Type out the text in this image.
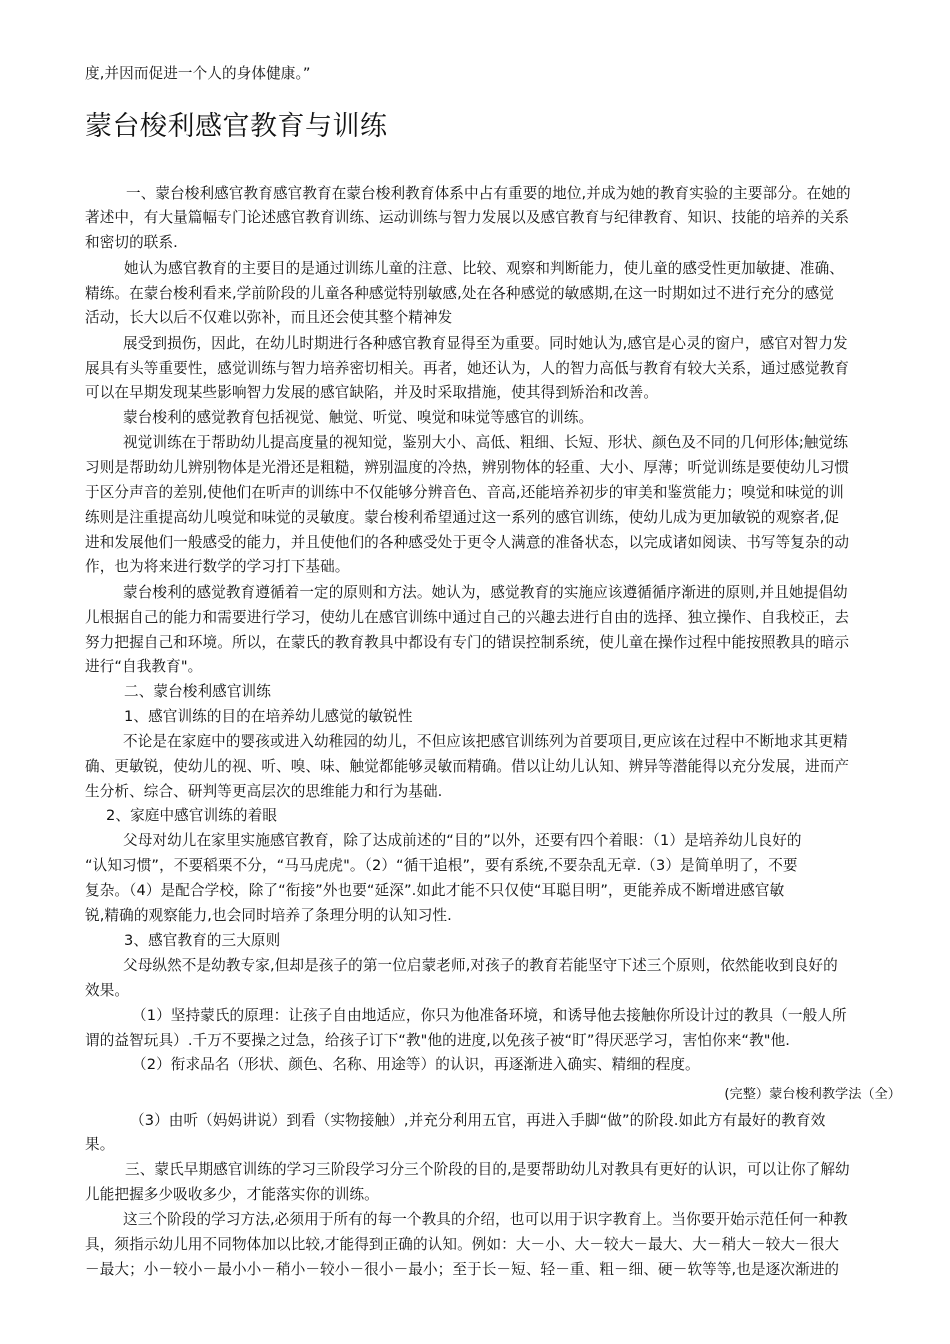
度,并因而促进一个人的身体健康。”
蒙台梭利感官教育与训练
一、蒙台梭利感官教育感官教育在蒙台梭利教育体系中占有重要的地位,并成为她的教育实验的主要部分。在她的
著述中，有大量篇幅专门论述感官教育训练、运动训练与智力发展以及感官教育与纪律教育、知识、技能的培养的关系
和密切的联系.
她认为感官教育的主要目的是通过训练儿童的注意、比较、观察和判断能力，使儿童的感受性更加敏捷、准确、
精练。在蒙台梭利看来,学前阶段的儿童各种感觉特别敏感,处在各种感觉的敏感期,在这一时期如过不进行充分的感觉
活动，长大以后不仅难以弥补，而且还会使其整个精神发
展受到损伤，因此，在幼儿时期进行各种感官教育显得至为重要。同时她认为,感官是心灵的窗户，感官对智力发
展具有头等重要性，感觉训练与智力培养密切相关。再者，她还认为，人的智力高低与教育有较大关系，通过感觉教育
可以在早期发现某些影响智力发展的感官缺陷，并及时采取措施，使其得到矫治和改善。
蒙台梭利的感觉教育包括视觉、触觉、听觉、嗅觉和味觉等感官的训练。
视觉训练在于帮助幼儿提高度量的视知觉，鉴别大小、高低、粗细、长短、形状、颜色及不同的几何形体;触觉练
习则是帮助幼儿辨别物体是光滑还是粗糙，辨别温度的冷热，辨别物体的轻重、大小、厚薄；听觉训练是要使幼儿习惯
于区分声音的差别,使他们在听声的训练中不仅能够分辨音色、音高,还能培养初步的审美和鉴赏能力；嗅觉和味觉的训
练则是注重提高幼儿嗅觉和味觉的灵敏度。蒙台梭利希望通过这一系列的感官训练，使幼儿成为更加敏锐的观察者,促
进和发展他们一般感受的能力，并且使他们的各种感受处于更令人满意的准备状态，以完成诸如阅读、书写等复杂的动
作，也为将来进行数学的学习打下基础。
蒙台梭利的感觉教育遵循着一定的原则和方法。她认为，感觉教育的实施应该遵循循序渐进的原则,并且她提倡幼
儿根据自己的能力和需要进行学习，使幼儿在感官训练中通过自己的兴趣去进行自由的选择、独立操作、自我校正，去
努力把握自己和环境。所以，在蒙氏的教育教具中都设有专门的错误控制系统，使儿童在操作过程中能按照教具的暗示
进行“自我教育"。
二、蒙台梭利感官训练
1、感官训练的目的在培养幼儿感觉的敏锐性
不论是在家庭中的婴孩或进入幼稚园的幼儿，不但应该把感官训练列为首要项目,更应该在过程中不断地求其更精
确、更敏锐，使幼儿的视、听、嗅、味、触觉都能够灵敏而精确。借以让幼儿认知、辨异等潜能得以充分发展，进而产
生分析、综合、研判等更高层次的思维能力和行为基础.
2、家庭中感官训练的着眼
父母对幼儿在家里实施感官教育，除了达成前述的“目的”以外，还要有四个着眼：（1）是培养幼儿良好的
“认知习惯”，不要稻栗不分，“马马虎虎"。（2）“循干追根”，要有系统,不要杂乱无章.（3）是简单明了，不要
复杂。（4）是配合学校，除了“衔接”外也要“延深”.如此才能不只仅使“耳聪目明”，更能养成不断增进感官敏
锐,精确的观察能力,也会同时培养了条理分明的认知习性.
3、感官教育的三大原则
父母纵然不是幼教专家,但却是孩子的第一位启蒙老师,对孩子的教育若能坚守下述三个原则，依然能收到良好的
效果。
（1）坚持蒙氏的原理：让孩子自由地适应，你只为他准备环境，和诱导他去接触你所设计过的教具（一般人所
谓的益智玩具）.千万不要操之过急，给孩子订下“教"他的进度,以免孩子被“盯”得厌恶学习，害怕你来“教"他.
（2）衔求品名（形状、颜色、名称、用途等）的认识，再逐渐进入确实、精细的程度。
(完整）蒙台梭利教学法（全）
（3）由听（妈妈讲说）到看（实物接触）,并充分利用五官，再进入手脚“做”的阶段.如此方有最好的教育效
果。
三、蒙氏早期感官训练的学习三阶段学习分三个阶段的目的,是要帮助幼儿对教具有更好的认识，可以让你了解幼
儿能把握多少吸收多少，才能落实你的训练。
这三个阶段的学习方法,必须用于所有的每一个教具的介绍，也可以用于识字教育上。当你要开始示范任何一种教
具，须指示幼儿用不同物体加以比较,才能得到正确的认知。例如：大－小、大－较大－最大、大－稍大－较大－很大
－最大；小－较小－最小小－稍小－较小－很小－最小；至于长－短、轻－重、粗－细、硬－软等等,也是逐次渐进的
